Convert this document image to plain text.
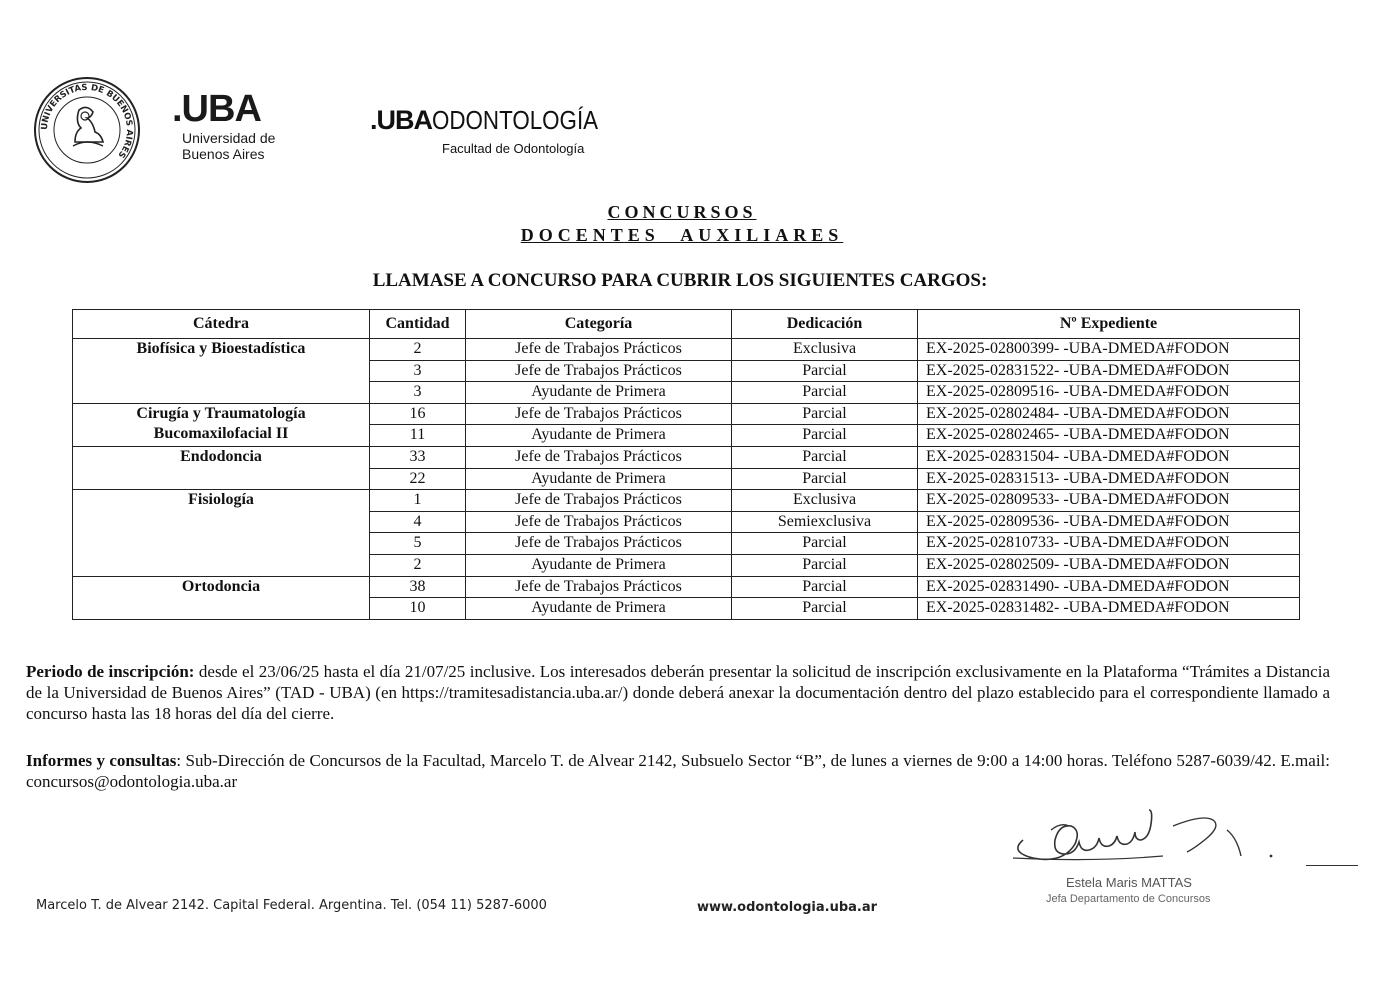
UNIVERSITAS DE BUENOS AIRES
.UBA
Universidad de
Buenos Aires
.UBAODONTOLOGÍA
Facultad de Odontología
CONCURSOS
DOCENTES AUXILIARES
LLAMASE A CONCURSO PARA CUBRIR LOS SIGUIENTES CARGOS:
Cátedra	Cantidad	Categoría	Dedicación	Nº Expediente
Biofísica y Bioestadística	2	Jefe de Trabajos Prácticos	Exclusiva	EX-2025-02800399- -UBA-DMEDA#FODON
	3	Jefe de Trabajos Prácticos	Parcial	EX-2025-02831522- -UBA-DMEDA#FODON
	3	Ayudante de Primera	Parcial	EX-2025-02809516- -UBA-DMEDA#FODON
Cirugía y Traumatología Bucomaxilofacial II	16	Jefe de Trabajos Prácticos	Parcial	EX-2025-02802484- -UBA-DMEDA#FODON
	11	Ayudante de Primera	Parcial	EX-2025-02802465- -UBA-DMEDA#FODON
Endodoncia	33	Jefe de Trabajos Prácticos	Parcial	EX-2025-02831504- -UBA-DMEDA#FODON
	22	Ayudante de Primera	Parcial	EX-2025-02831513- -UBA-DMEDA#FODON
Fisiología	1	Jefe de Trabajos Prácticos	Exclusiva	EX-2025-02809533- -UBA-DMEDA#FODON
	4	Jefe de Trabajos Prácticos	Semiexclusiva	EX-2025-02809536- -UBA-DMEDA#FODON
	5	Jefe de Trabajos Prácticos	Parcial	EX-2025-02810733- -UBA-DMEDA#FODON
	2	Ayudante de Primera	Parcial	EX-2025-02802509- -UBA-DMEDA#FODON
Ortodoncia	38	Jefe de Trabajos Prácticos	Parcial	EX-2025-02831490- -UBA-DMEDA#FODON
	10	Ayudante de Primera	Parcial	EX-2025-02831482- -UBA-DMEDA#FODON
Periodo de inscripción: desde el 23/06/25 hasta el día 21/07/25 inclusive. Los interesados deberán presentar la solicitud de inscripción exclusivamente en la Plataforma “Trámites a Distancia de la Universidad de Buenos Aires” (TAD - UBA) (en https://tramitesadistancia.uba.ar/) donde deberá anexar la documentación dentro del plazo establecido para el correspondiente llamado a concurso hasta las 18 horas del día del cierre.
Informes y consultas: Sub-Dirección de Concursos de la Facultad, Marcelo T. de Alvear 2142, Subsuelo Sector “B”, de lunes a viernes de 9:00 a 14:00 horas. Teléfono 5287-6039/42. E.mail: concursos@odontologia.uba.ar
Estela Maris MATTAS
Jefa Departamento de Concursos
Marcelo T. de Alvear 2142. Capital Federal. Argentina. Tel. (054 11) 5287-6000	www.odontologia.uba.ar
